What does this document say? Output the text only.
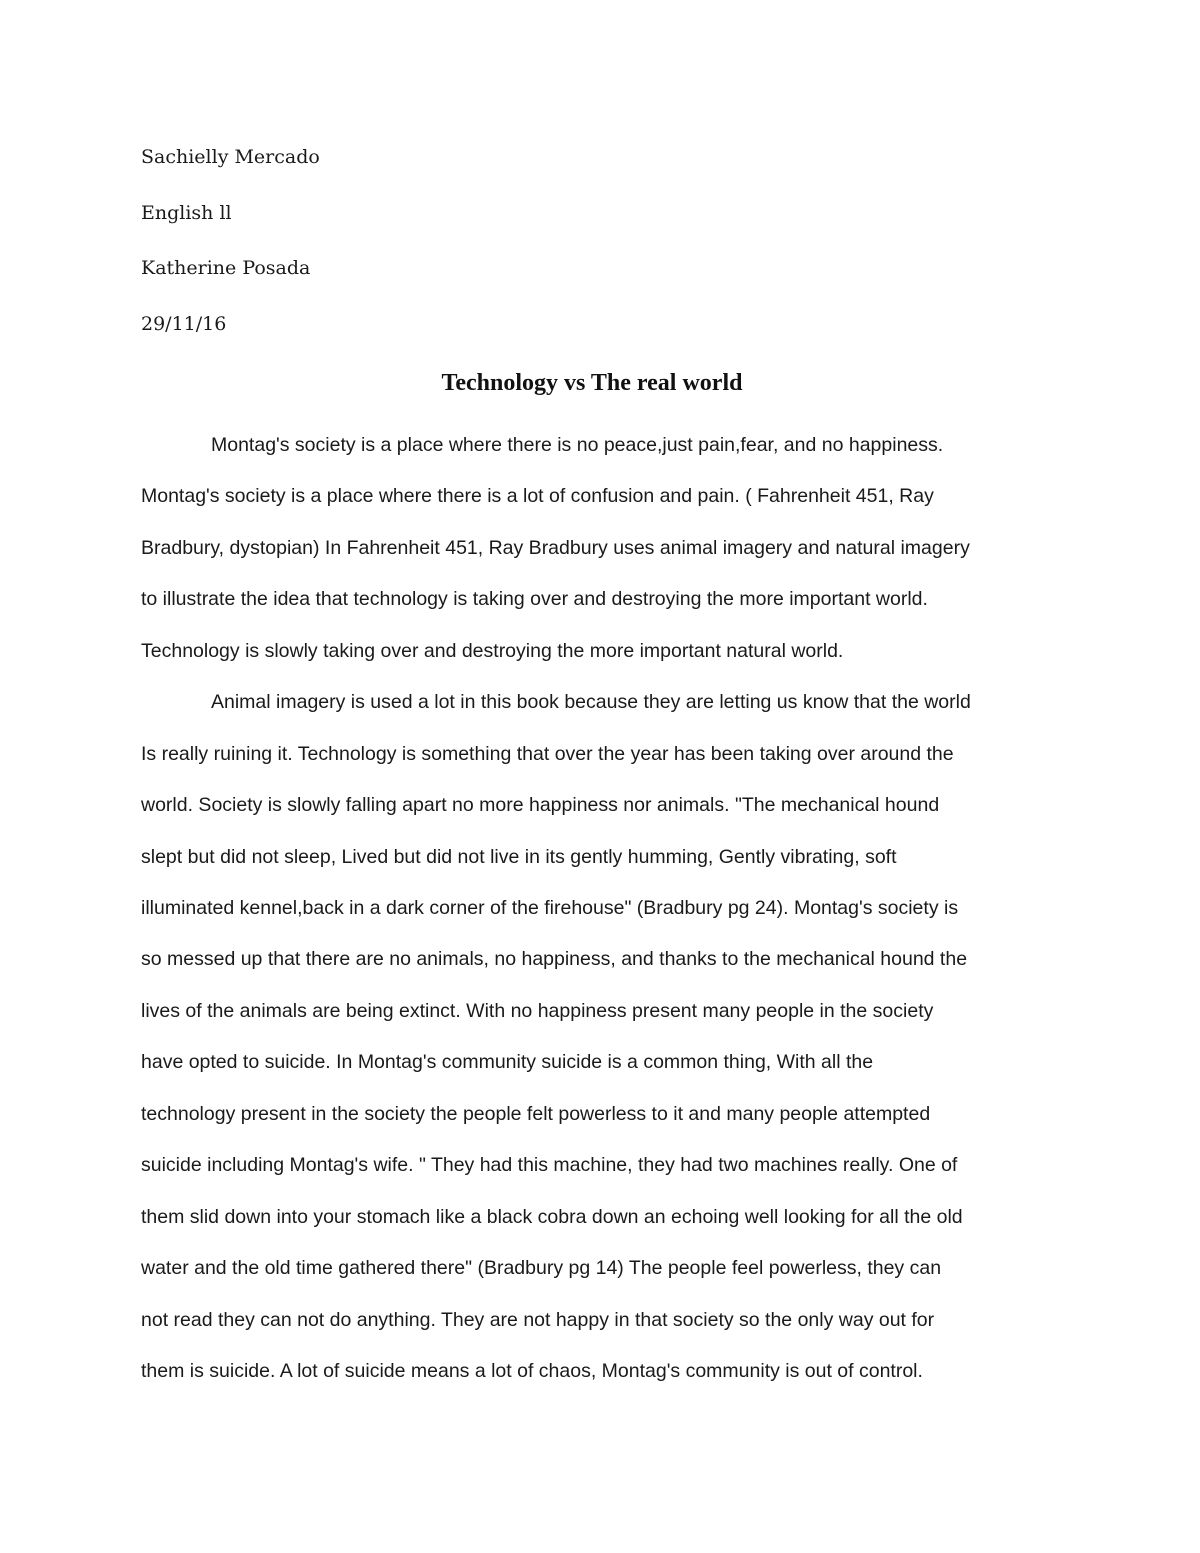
Sachielly Mercado
English ll
Katherine Posada
29/11/16
Technology vs The real world
Montag's society is a place where there is no peace,just pain,fear, and no happiness.
Montag's society is a place where there is a lot of confusion and pain. ( Fahrenheit 451, Ray
Bradbury, dystopian) In Fahrenheit 451, Ray Bradbury uses animal imagery and natural imagery
to illustrate the idea that technology is taking over and destroying the more important world.
Technology is slowly taking over and destroying the more important natural world.
Animal imagery is used a lot in this book because they are letting us know that the world
Is really ruining it. Technology is something that over the year has been taking over around the
world. Society is slowly falling apart no more happiness nor animals. "The mechanical hound
slept but did not sleep, Lived but did not live in its gently humming, Gently vibrating, soft
illuminated kennel,back in a dark corner of the firehouse" (Bradbury pg 24). Montag's society is
so messed up that there are no animals, no happiness, and thanks to the mechanical hound the
lives of the animals are being extinct. With no happiness present many people in the society
have opted to suicide. In Montag's community suicide is a common thing, With all the
technology present in the society the people felt powerless to it and many people attempted
suicide including Montag's wife. " They had this machine, they had two machines really. One of
them slid down into your stomach like a black cobra down an echoing well looking for all the old
water and the old time gathered there" (Bradbury pg 14) The people feel powerless, they can
not read they can not do anything. They are not happy in that society so the only way out for
them is suicide. A lot of suicide means a lot of chaos, Montag's community is out of control.
